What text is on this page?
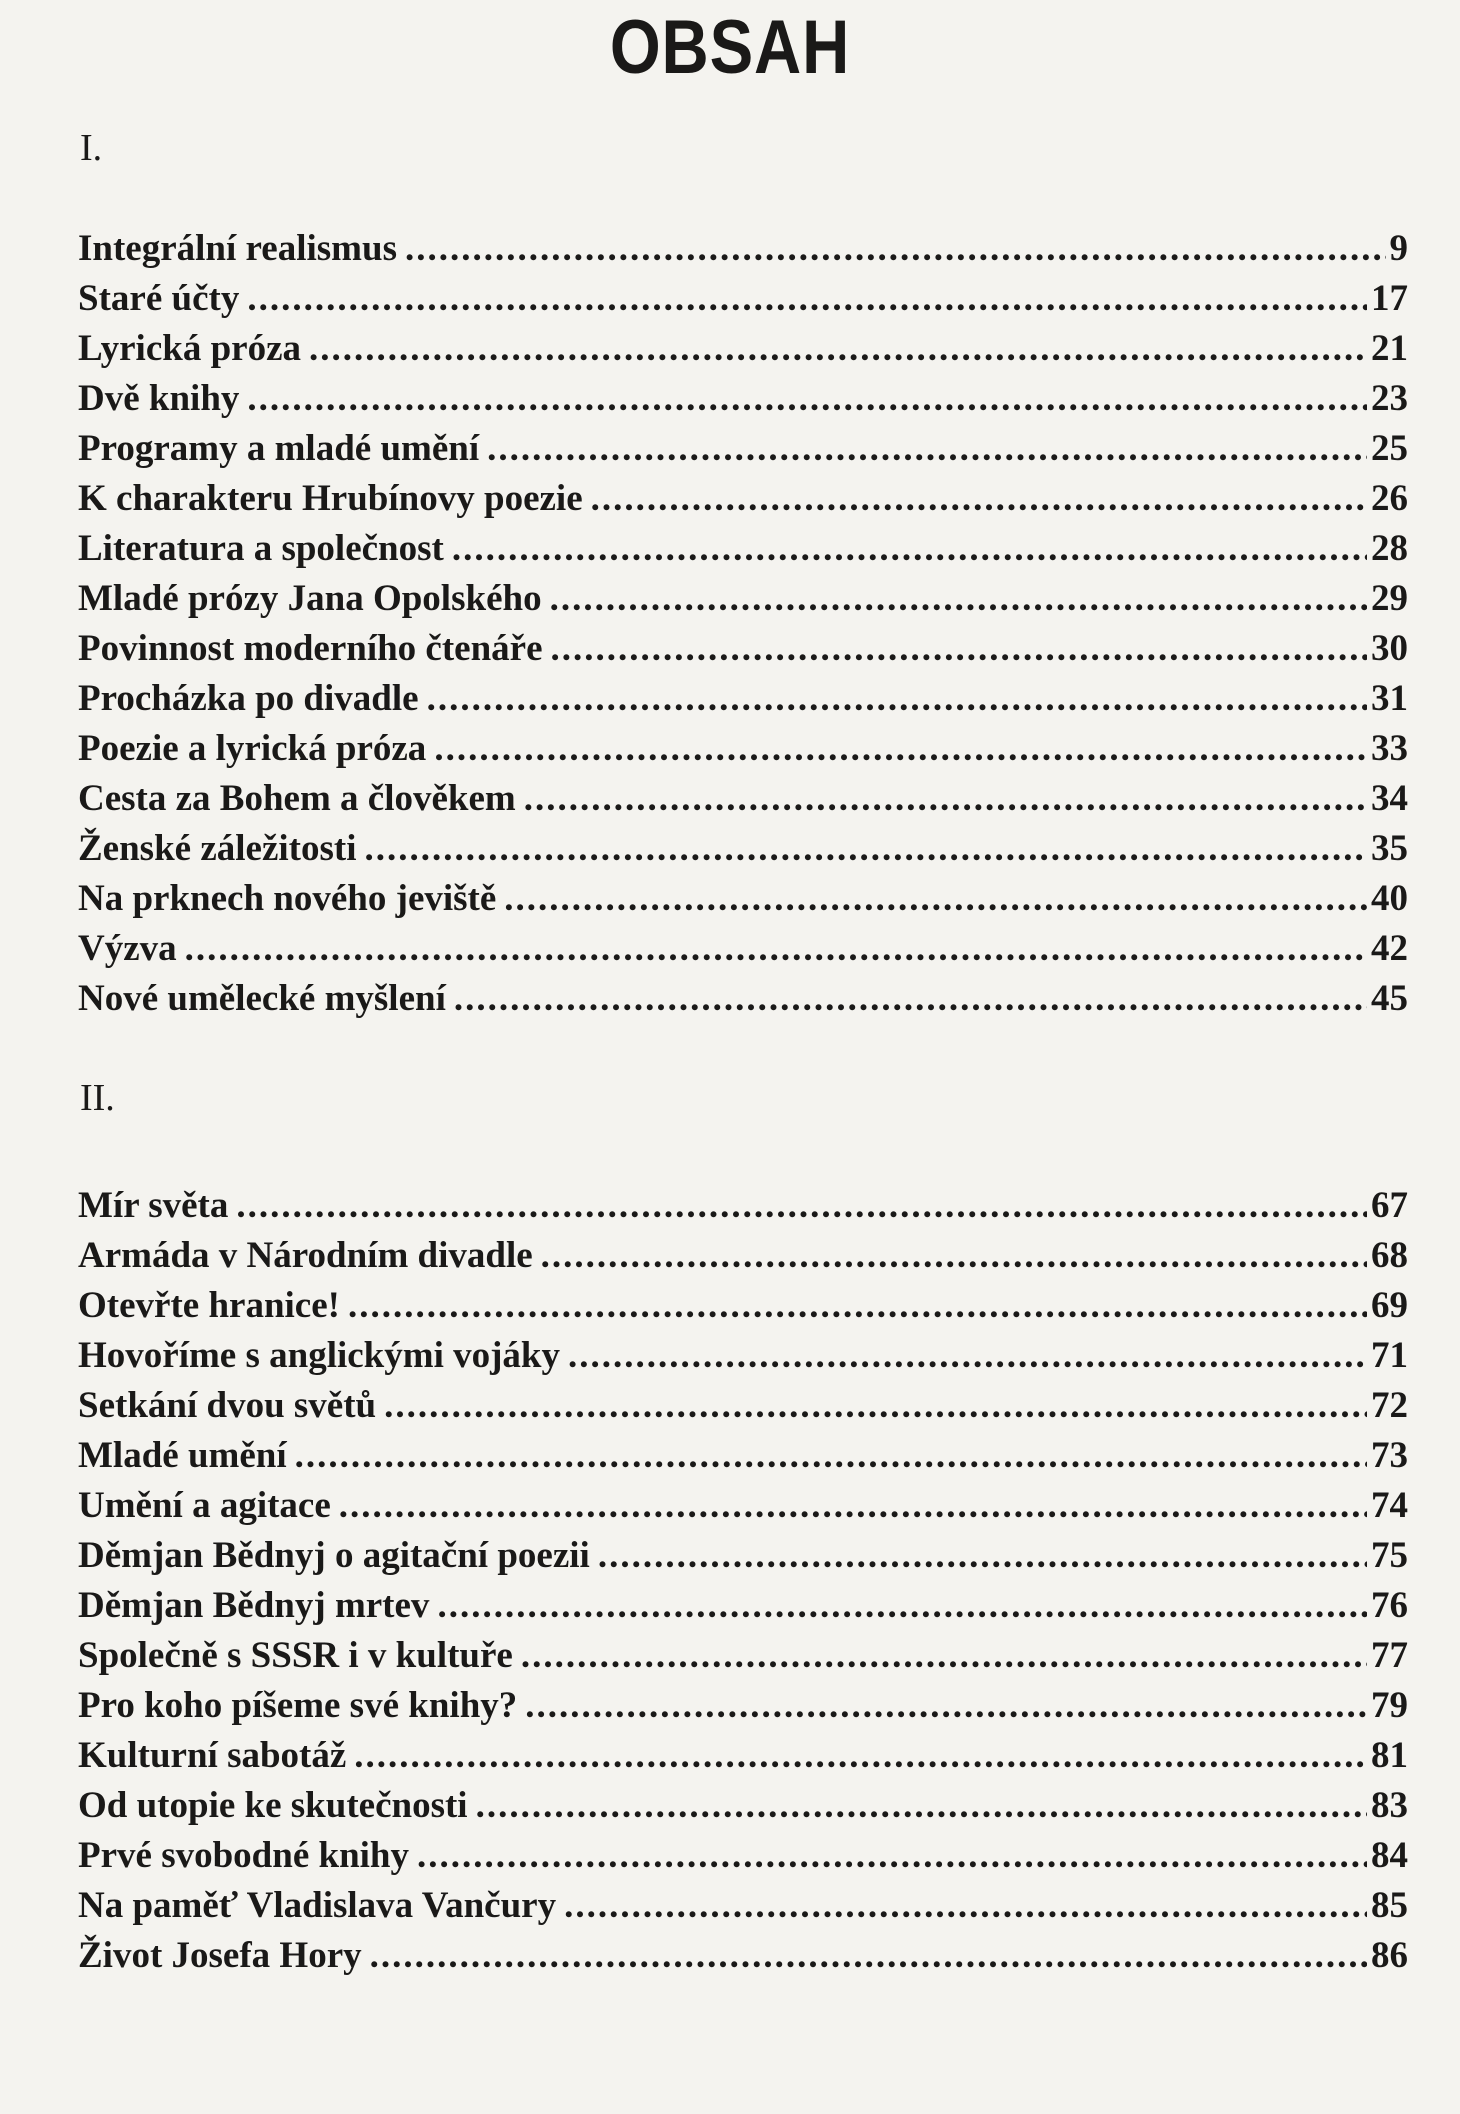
OBSAH
I.
Integrální realismus .....	9
Staré účty .....	17
Lyrická próza .....	21
Dvě knihy .....	23
Programy a mladé umění .....	25
K charakteru Hrubínovy poezie .....	26
Literatura a společnost .....	28
Mladé prózy Jana Opolského .....	29
Povinnost moderního čtenáře .....	30
Procházka po divadle .....	31
Poezie a lyrická próza .....	33
Cesta za Bohem a člověkem .....	34
Ženské záležitosti .....	35
Na prknech nového jeviště .....	40
Výzva .....	42
Nové umělecké myšlení .....	45
II.
Mír světa .....	67
Armáda v Národním divadle .....	68
Otevřte hranice! .....	69
Hovoříme s anglickými vojáky .....	71
Setkání dvou světů .....	72
Mladé umění .....	73
Umění a agitace .....	74
Děmjan Bědnyj o agitační poezii .....	75
Děmjan Bědnyj mrtev .....	76
Společně s SSSR i v kultuře .....	77
Pro koho píšeme své knihy? .....	79
Kulturní sabotáž .....	81
Od utopie ke skutečnosti .....	83
Prvé svobodné knihy .....	84
Na paměť Vladislava Vančury .....	85
Život Josefa Hory .....	86
